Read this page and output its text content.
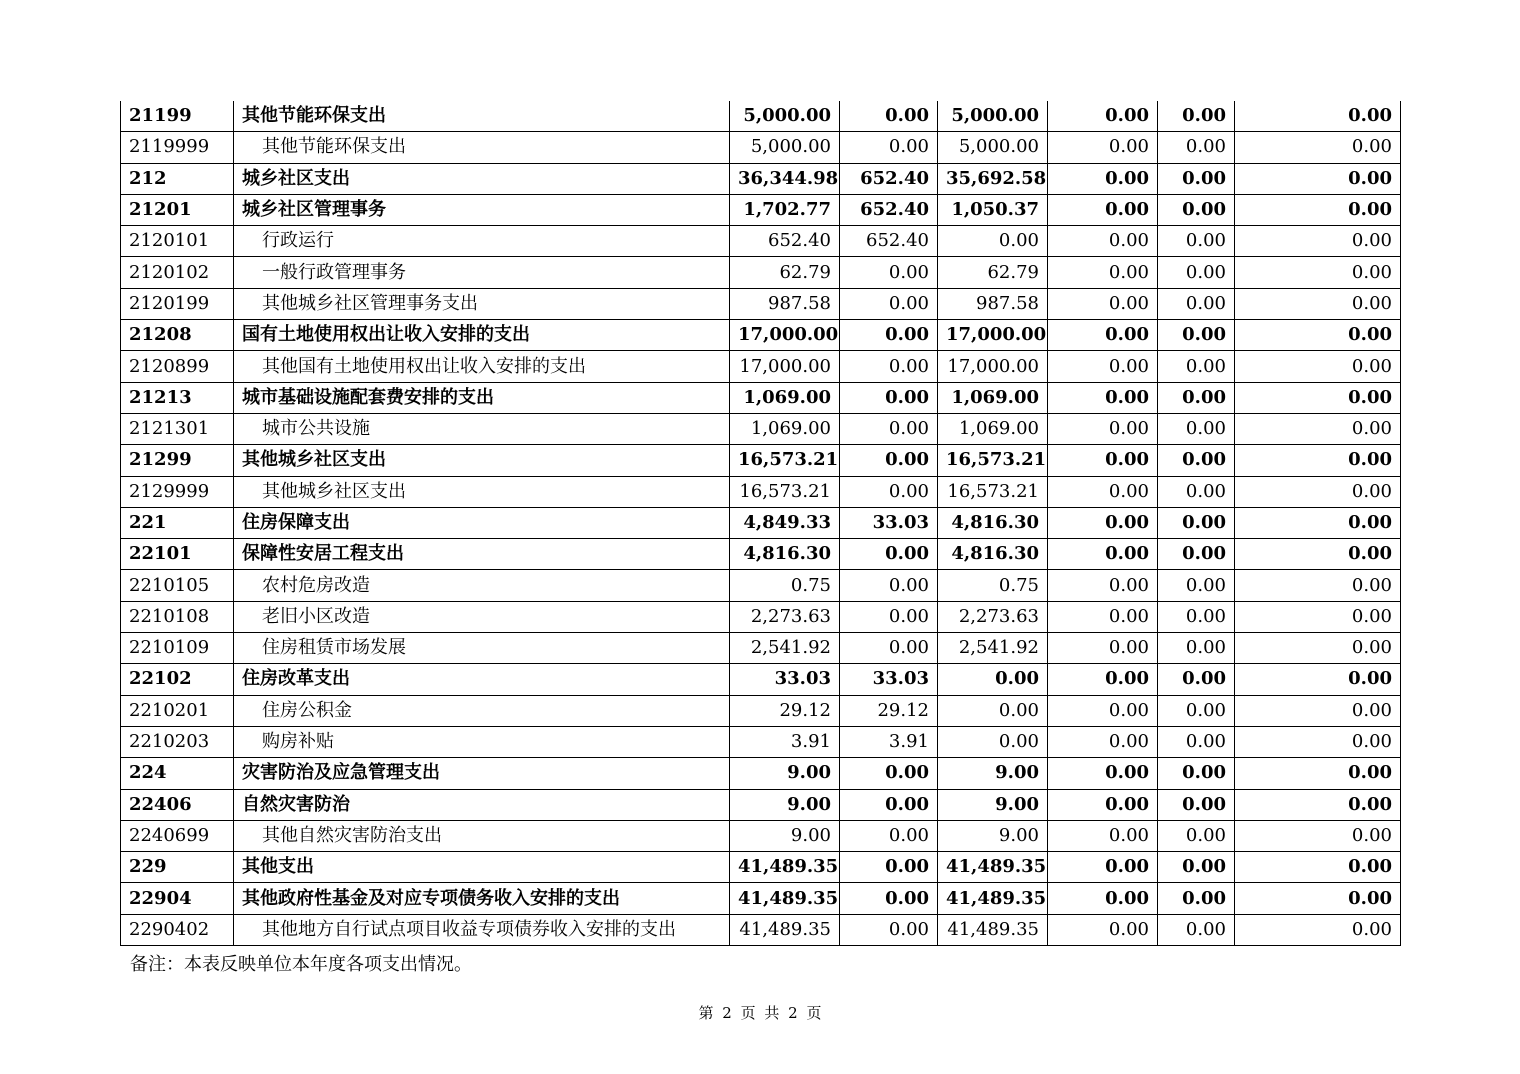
21199	其他节能环保支出	5,000.00	0.00	5,000.00	0.00	0.00	0.00
2119999	其他节能环保支出	5,000.00	0.00	5,000.00	0.00	0.00	0.00
212	城乡社区支出	36,344.98	652.40	35,692.58	0.00	0.00	0.00
21201	城乡社区管理事务	1,702.77	652.40	1,050.37	0.00	0.00	0.00
2120101	行政运行	652.40	652.40	0.00	0.00	0.00	0.00
2120102	一般行政管理事务	62.79	0.00	62.79	0.00	0.00	0.00
2120199	其他城乡社区管理事务支出	987.58	0.00	987.58	0.00	0.00	0.00
21208	国有土地使用权出让收入安排的支出	17,000.00	0.00	17,000.00	0.00	0.00	0.00
2120899	其他国有土地使用权出让收入安排的支出	17,000.00	0.00	17,000.00	0.00	0.00	0.00
21213	城市基础设施配套费安排的支出	1,069.00	0.00	1,069.00	0.00	0.00	0.00
2121301	城市公共设施	1,069.00	0.00	1,069.00	0.00	0.00	0.00
21299	其他城乡社区支出	16,573.21	0.00	16,573.21	0.00	0.00	0.00
2129999	其他城乡社区支出	16,573.21	0.00	16,573.21	0.00	0.00	0.00
221	住房保障支出	4,849.33	33.03	4,816.30	0.00	0.00	0.00
22101	保障性安居工程支出	4,816.30	0.00	4,816.30	0.00	0.00	0.00
2210105	农村危房改造	0.75	0.00	0.75	0.00	0.00	0.00
2210108	老旧小区改造	2,273.63	0.00	2,273.63	0.00	0.00	0.00
2210109	住房租赁市场发展	2,541.92	0.00	2,541.92	0.00	0.00	0.00
22102	住房改革支出	33.03	33.03	0.00	0.00	0.00	0.00
2210201	住房公积金	29.12	29.12	0.00	0.00	0.00	0.00
2210203	购房补贴	3.91	3.91	0.00	0.00	0.00	0.00
224	灾害防治及应急管理支出	9.00	0.00	9.00	0.00	0.00	0.00
22406	自然灾害防治	9.00	0.00	9.00	0.00	0.00	0.00
2240699	其他自然灾害防治支出	9.00	0.00	9.00	0.00	0.00	0.00
229	其他支出	41,489.35	0.00	41,489.35	0.00	0.00	0.00
22904	其他政府性基金及对应专项债务收入安排的支出	41,489.35	0.00	41,489.35	0.00	0.00	0.00
2290402	其他地方自行试点项目收益专项债券收入安排的支出	41,489.35	0.00	41,489.35	0.00	0.00	0.00
备注：本表反映单位本年度各项支出情况。
第 2 页 共 2 页
